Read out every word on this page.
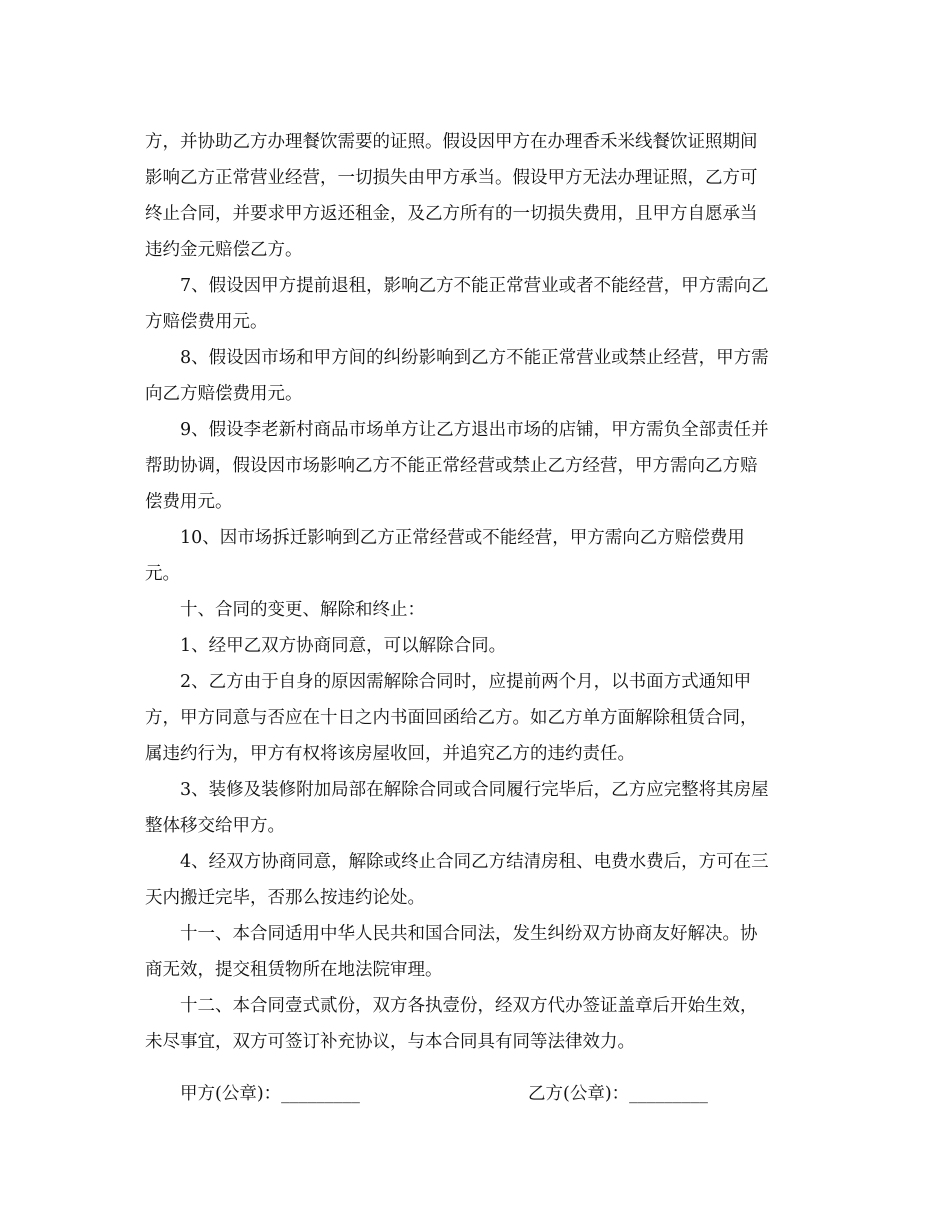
方，并协助乙方办理餐饮需要的证照。假设因甲方在办理香禾米线餐饮证照期间
影响乙方正常营业经营，一切损失由甲方承当。假设甲方无法办理证照，乙方可
终止合同，并要求甲方返还租金，及乙方所有的一切损失费用，且甲方自愿承当
违约金元赔偿乙方。
7、假设因甲方提前退租，影响乙方不能正常营业或者不能经营，甲方需向乙
方赔偿费用元。
8、假设因市场和甲方间的纠纷影响到乙方不能正常营业或禁止经营，甲方需
向乙方赔偿费用元。
9、假设李老新村商品市场单方让乙方退出市场的店铺，甲方需负全部责任并
帮助协调，假设因市场影响乙方不能正常经营或禁止乙方经营，甲方需向乙方赔
偿费用元。
10、因市场拆迁影响到乙方正常经营或不能经营，甲方需向乙方赔偿费用
元。
十、合同的变更、解除和终止：
1、经甲乙双方协商同意，可以解除合同。
2、乙方由于自身的原因需解除合同时，应提前两个月，以书面方式通知甲
方，甲方同意与否应在十日之内书面回函给乙方。如乙方单方面解除租赁合同，
属违约行为，甲方有权将该房屋收回，并追究乙方的违约责任。
3、装修及装修附加局部在解除合同或合同履行完毕后，乙方应完整将其房屋
整体移交给甲方。
4、经双方协商同意，解除或终止合同乙方结清房租、电费水费后，方可在三
天内搬迁完毕，否那么按违约论处。
十一、本合同适用中华人民共和国合同法，发生纠纷双方协商友好解决。协
商无效，提交租赁物所在地法院审理。
十二、本合同壹式贰份，双方各执壹份，经双方代办签证盖章后开始生效，
未尽事宜，双方可签订补充协议，与本合同具有同等法律效力。
甲方(公章)：_________	乙方(公章)：_________
